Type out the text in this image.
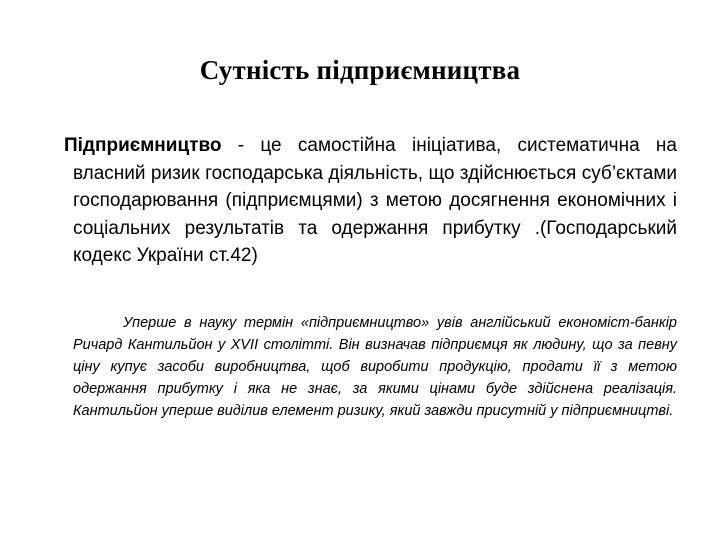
Сутність підприємництва

Підприємництво - це самостійна ініціатива, систематична на власний ризик господарська діяльність, що здійснюється суб’єктами господарювання (підприємцями) з метою досягнення економічних і соціальних результатів та одержання прибутку .(Господарський кодекс України ст.42)

Уперше в науку термін «підприємництво» увів англійський економіст-банкір Ричард Кантильйон у XVII столітті. Він визначав підприємця як людину, що за певну ціну купує засоби виробництва, щоб виробити продукцію, продати її з метою одержання прибутку і яка не знає, за якими цінами буде здійснена реалізація. Кантильйон уперше виділив елемент ризику, який завжди присутній у підприємництві.
